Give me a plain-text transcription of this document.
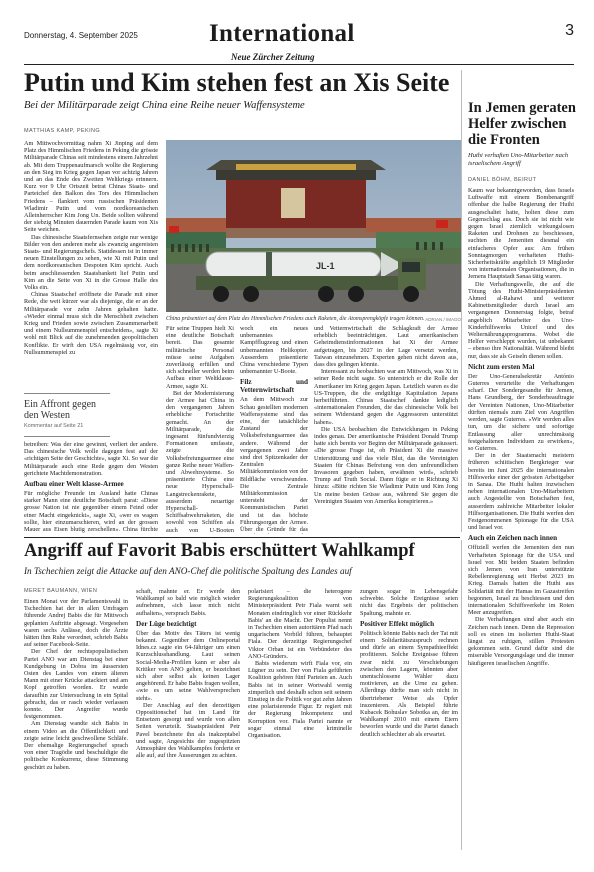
Donnerstag, 4. September 2025	International
Neue Zürcher Zeitung
3
Putin und Kim stehen fest an Xis Seite
Bei der Militärparade zeigt China eine Reihe neuer Waffensysteme
MATTHIAS KAMP, PEKING

Am Mittwochvormittag nahm Xi Jinping auf dem Platz des Himmlischen Friedens in Peking die grösste Militärparade Chinas seit mindestens einem Jahrzehnt ab. Mit dem Truppenaufmarsch wollte die Regierung an den Sieg im Krieg gegen Japan vor achtzig Jahren und an das Ende des Zweiten Weltkriegs erinnern. Kurz vor 9 Uhr Ortszeit betrat Chinas Staats- und Parteichef den Balkon des Tors des Himmlischen Friedens – flankiert vom russischen Präsidenten Wladimir Putin und vom nordkoreanischen Alleinherrscher Kim Jong Un. Beide sollten während der siebzig Minuten dauernden Parade kaum von Xis Seite weichen.

Das chinesische Staatsfernsehen zeigte nur wenige Bilder von den anderen mehr als zwanzig angereisten Staats- und Regierungschefs. Stattdessen ist in immer neuen Einstellungen zu sehen, wie Xi mit Putin und dem nordkoreanischen Despoten Kim spricht. Auch beim anschliessenden Staatsbankett lief Putin und Kim an die Seite von Xi in die Grosse Halle des Volks ein.

Chinas Staatschef eröffnete die Parade mit einer Rede, die weit kürzer war als diejenige, die er an der Militärparade vor zehn Jahren gehalten hatte. «Wieder einmal muss sich die Menschheit zwischen Krieg und Frieden sowie zwischen Zusammenarbeit und einem Nullsummenspiel entscheiden», sagte Xi wohl mit Blick auf die zunehmenden geopolitischen Konflikte. Er wirft den USA regelmässig vor, ein Nullsummenspiel zu

Ein Affront gegen den Westen
Kommentar auf Seite 21

betreiben: Was der eine gewinnt, verliert der andere. Das chinesische Volk wolle dagegen fest auf der «richtigen Seite der Geschichte», sagte Xi. So war die Militärparade auch eine Rede gegen den Westen gerichtete Machtdemonstration.

Aufbau einer Welt klasse-Armee

Für mögliche Freunde im Ausland hatte Chinas starker Mann eine deutliche Botschaft parat: «Diese grosse Nation ist nie gegenüber einem Feind oder einer Macht eingeknickt», sagte Xi, «wer es wagen sollte, hier einzumarschieren, wird an der grossen Mauer aus Eisen blutig zerschellen». China fürchte

JL-1
China präsentiert auf dem Platz des Himmlischen Friedens auch Raketen, die Atomsprengköpfe tragen können. ADRIAN / IMAGO

Für seine Truppen hielt Xi eine deutliche Botschaft bereit. Das gesamte militärische Personal müsse seine Aufgaben zuverlässig erfüllen und sich schneller werden beim Aufbau einer Weltklasse-Armee, sagte Xi.

Bei der Modernisierung der Armee hat China in den vergangenen Jahren erhebliche Fortschritte gemacht. An der Militärparade, die ingesamt fünfundvierzig Formationen umfasste, zeigte die Volksbefreiungsarmee eine ganze Reihe neuer Waffen- und Abwehrsysteme. So präsentierte China eine neue Hyperschall-Langstreckenrakete, ausserdem neuartige Hyperschall-Schiffsabwehrraketen, die sowohl von Schiffen als auch von U-Booten

woch ein neues unbemanntes Kampfflugzeug und einen unbemannten Helikopter. Ausserdem präsentierte China verschiedene Typen unbemannter U-Boote.

Filz und Vetternwirtschaft

An dem Mittwoch zur Schau gestellten modernen Waffensysteme sind das eine, der tatsächliche Zustand der Volksbefreiungsarmee das andere. Während der vergangenen zwei Jahre sind drei Spitzenkader der Zentralen Militärkommission von der Bildfläche verschwunden. Die Zentrale Militärkommission untersteht der Kommunistischen Partei und ist das höchste Führungsorgan der Armee. Über die Gründe für das

In Jemen geraten Helfer zwischen die Fronten
Huthi verhaften Uno-Mitarbeiter nach israelischem Angriff
DANIEL BÖHM, BEIRUT

Kaum war bekanntgeworden, dass Israels Luftwaffe mit einem Bombenangriff offenbar die halbe Regierung der Huthi ausgeschaltet hatte, holten diese zum Gegenschlag aus. Doch sie ist nicht wie gegen Israel ziemlich wirkungslosen Raketen und Drohnen zu beschiessen, suchten die Jemeniten diesmal ein einfacheres Opfer aus: Am frühen Sonntagmorgen verhafteten Huthi-Sicherheitskräfte angeblich 19 Mitglieder von internationalen Organisationen, die in Jemens Hauptstadt Sanaa tätig waren.

Die Verhaftungswelle, die auf die Tötung des Huthi-Ministerpräsidenten Ahmed al-Rahawi und weiterer Kabinettsmitglieder durch Israel am vergangenen Donnerstag folgte, betraf angeblich Mitarbeiter des Uno-Kinderhilfswerks Unicef und des Welternährungsprogramms. Wobei die Helfer verschleppt wurden, ist unbekannt – ebenso ihre Nationalität. Während bleibt nur, dass sie als Geiseln dienen sollen.

Nicht zum ersten Mal

Der Uno-Generalsekretär António Guterres verurteilte die Verhaftungen scharf. Der Sondergesandte für Jemen, Hans Grundberg, der Sonderbeauftragte der Vereinten Nationen, Uno-Mitarbeiter dürften niemals zum Ziel von Angriffen werden, sagte Guterres. «Wir werden alles tun, um die sichere und sofortige Entlassung aller unrechtmässig festgehaltenen Individuen zu erwirken», so Guterres.

Der in der Staatsmacht meistern früheren schiitischen Bergkrieger war bereits im Juni 2025 die internationalen Hilfswerke einer der grössten Arbeitgeber in Sanaa. Die Huthi halten inzwischen neben internationalen Uno-Mitarbeitern auch Angestellte von Botschaften fest, ausserdem zahlreiche Mitarbeiter lokaler Hilfsorganisationen. Die Huthi werfen den Festgenommenen Spionage für die USA und Israel vor.

Auch ein Zeichen nach innen

Offiziell werfen die Jemeniten den nun Verhafteten Spionage für die USA und Israel vor. Mit beiden Staaten befinden sich Jemen von Iran unterstützte Rebellenregierung seit Herbst 2023 im Krieg. Damals hatten die Huthi aus Solidarität mit der Hamas im Gazastreifen begonnen, Israel zu beschiessen und den internationalen Schiffsverkehr im Roten Meer anzugreifen.

Die Verhaftungen sind aber auch ein Zeichen nach innen. Denn die Repression soll es einen im isolierten Huthi-Staat längst zu ruhigen, stillen Protesten gekommen sein. Grund dafür sind die miserable Versorgungslage und die immer häufigeren israelischen Angriffe.

Angriff auf Favorit Babis erschüttert Wahlkampf
In Tschechien zeigt die Attacke auf den ANO-Chef die politische Spaltung des Landes auf
MERET BAUMANN, WIEN

Einen Monat vor der Parlamentswahl in Tschechien hat der in allen Umfragen führende Andrej Babis die für Mittwoch geplanten Auftritte abgesagt. Vorgesehen waren sechs Anlässe, doch die Ärzte hätten ihm Ruhe verordnet, schrieb Babis auf seiner Facebook-Seite.

Der Chef der rechtspopulistischen Partei ANO war am Dienstag bei einer Kundgebung in Dobra im äussersten Osten des Landes von einem älteren Mann mit einer Krücke attackiert und am Kopf getroffen worden. Er wurde daraufhin zur Untersuchung in ein Spital gebracht, das er rasch wieder verlassen konnte. Der Angreifer wurde festgenommen.

Am Dienstag wandte sich Babis in einem Video an die Öffentlichkeit und zeigte seine leicht geschwollene Schläfe. Der ehemalige Regierungschef sprach von einer Tragödie und beschuldigte die politische Konkurrenz, diese Stimmung geschürt zu haben.

schaft, mahnte er. Er werde den Wahlkampf so bald wie möglich wieder aufnehmen, «ich lasse mich nicht aufhalten», versprach Babis.

Der Lüge bezichtigt

Über das Motiv des Täters ist wenig bekannt. Gegenüber dem Onlineportal Idnes.cz sagte ein 64-Jähriger um einen Kurzschlusshandlung. Laut seinen Social-Media-Profilen kann er aber als Kritiker von ANO gelten, er bezeichnet sich aber selbst als keinen Lager angehörend. Er habe Babis fragen wollen, «wie es um seine Wahlversprechen steht».

Der Anschlag auf den derzeitigen Oppositionschef hat im Land für Entsetzen gesorgt und wurde von allen Seiten verurteilt. Staatspräsident Petr Pavel bezeichnete ihn als inakzeptabel und sagte, Angesichts der zugespitzten Atmosphäre des Wahlkampfes forderte er alle auf, auf ihre Äusserungen zu achten.

polarisiert – die heterogene Regierungskoalition von Ministerpräsident Petr Fiala warnt seit Monaten eindringlich vor einer Rückkehr Babis' an die Macht. Der Populist nennt in Tschechien einen autoritären Pfad nach ungarischem Vorbild führen, behauptet Fiala. Der derzeitige Regierungschef Viktor Orban ist ein Verbündeter des ANO-Gründers.

Babis wiederum wirft Fiala vor, ein Lügner zu sein. Der von Fiala geführten Koalition gehören fünf Parteien an. Auch Babis ist in seiner Wortwahl wenig zimperlich und deshalb schon seit seinem Einstieg in die Politik vor gut zehn Jahren eine polarisierende Figur. Er regiert mit der Regierung Inkompetenz und Korruption vor. Fiala Partei nannte er sogar einmal eine kriminelle Organisation.

zungen sogar in Lebensgefahr schwebte. Solche Ereignisse seien nicht das Ergebnis der politischen Spaltung, mahnte er.

Positiver Effekt möglich

Politisch könnte Babis nach der Tat mit einem Solidaritätszuspruch rechnen und dürfe an einem Sympathieeffekt profitieren. Solche Ereignisse führen zwar nicht zu Verschiebungen zwischen den Lagern, könnten aber unentschlossene Wähler dazu motivieren, an die Urne zu gehen. Allerdings dürfte man sich nicht in übertriebener Weise als Opfer inszenieren. Als Beispiel führte Kubacek Bohuslav Sobotka an, der im Wahlkampf 2010 mit einem Eiern beworfen wurde und die Partei danach deutlich schlechter ab als erwartet.

und Vetternwirtschaft die Schlagkraft der Armee erheblich beeinträchtigen. Laut amerikanischen Geheimdienstinformationen hat Xi der Armee aufgetragen, bis 2027 in der Lage versetzt werden, Taiwan einzunehmen. Experten gehen nicht davon aus, dass dies gelingen könnte.

Interessant zu beobachten war am Mittwoch, was Xi in seiner Rede nicht sagte. So unterstrich er die Rolle der Amerikaner im Krieg gegen Japan. Letztlich waren es die US-Truppen, die die endgültige Kapitulation Japans herbeiführten. Chinas Staatschef dankte lediglich «internationalen Freunden, die das chinesische Volk bei seinem Widerstand gegen die Aggressoren unterstützt haben».

Die USA beobachten die Entwicklungen in Peking indes genau. Der amerikanische Präsident Donald Trump hatte sich bereits vor Beginn der Militärparade geäussert. «Die grosse Frage ist, ob Präsident Xi die massive Unterstützung und das viele Blut, das die Vereinigten Staaten für Chinas Befreiung von den unfreundlichen Invasoren gegeben haben, erwähnen wird», schrieb Trump auf Truth Social. Dann fügte er in Richtung Xi hinzu: «Bitte richten Sie Wladimir Putin und Kim Jong Un meine besten Grüsse aus, während Sie gegen die Vereinigten Staaten von Amerika konspirieren.»
